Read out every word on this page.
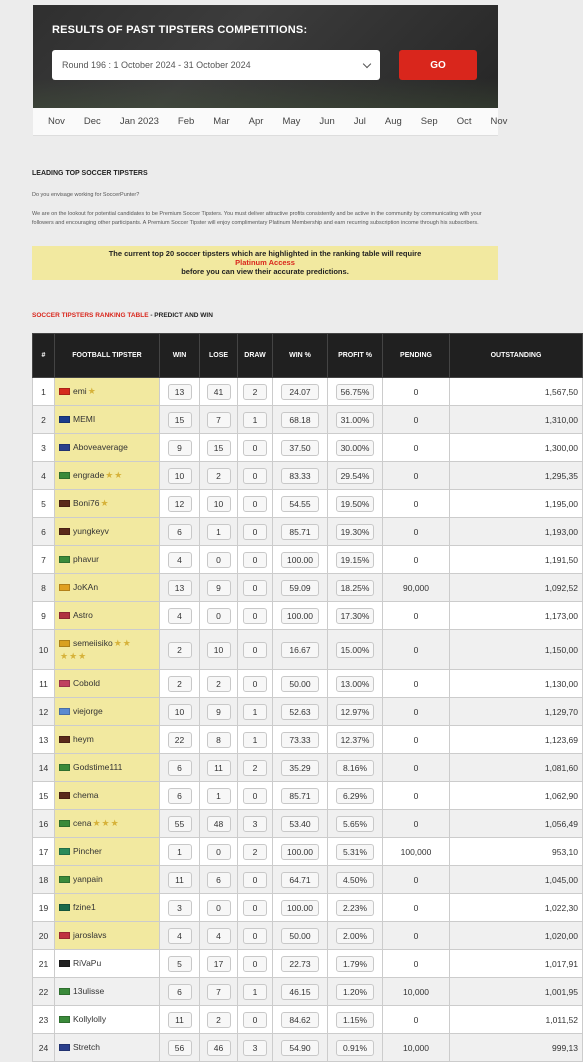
RESULTS OF PAST TIPSTERS COMPETITIONS:
Round 196 : 1 October 2024 - 31 October 2024	GO
Nov Dec Jan 2023 Feb Mar Apr May Jun Jul Aug Sep Oct Nov
LEADING TOP SOCCER TIPSTERS
Do you envisage working for SoccerPunter?
We are on the lookout for potential candidates to be Premium Soccer Tipsters. You must deliver attractive profits consistently and be active in the community by communicating with your followers and encouraging other participants. A Premium Soccer Tipster will enjoy complimentary Platinum Membership and earn recurring subscription income through his subscribers.
The current top 20 soccer tipsters which are highlighted in the ranking table will require
Platinum Access
before you can view their accurate predictions.
SOCCER TIPSTERS RANKING TABLE - PREDICT AND WIN
#	FOOTBALL TIPSTER	WIN	LOSE	DRAW	WIN %	PROFIT %	PENDING	OUTSTANDING
1	emi★	13	41	2	24.07	56.75%	0	1,567,50
2	MEMI	15	7	1	68.18	31.00%	0	1,310,00
3	Aboveaverage	9	15	0	37.50	30.00%	0	1,300,00
4	engrade★★	10	2	0	83.33	29.54%	0	1,295,35
5	Boni76★	12	10	0	54.55	19.50%	0	1,195,00
6	yungkeyv	6	1	0	85.71	19.30%	0	1,193,00
7	phavur	4	0	0	100.00	19.15%	0	1,191,50
8	JoKAn	13	9	0	59.09	18.25%	90,000	1,092,52
9	Astro	4	0	0	100.00	17.30%	0	1,173,00
10	semeiisiko★★
★★★	2	10	0	16.67	15.00%	0	1,150,00
11	Cobold	2	2	0	50.00	13.00%	0	1,130,00
12	viejorge	10	9	1	52.63	12.97%	0	1,129,70
13	heym	22	8	1	73.33	12.37%	0	1,123,69
14	Godstime111	6	11	2	35.29	8.16%	0	1,081,60
15	chema	6	1	0	85.71	6.29%	0	1,062,90
16	cena★★★	55	48	3	53.40	5.65%	0	1,056,49
17	Pincher	1	0	2	100.00	5.31%	100,000	953,10
18	yanpain	11	6	0	64.71	4.50%	0	1,045,00
19	fzine1	3	0	0	100.00	2.23%	0	1,022,30
20	jaroslavs	4	4	0	50.00	2.00%	0	1,020,00
21	RiVaPu	5	17	0	22.73	1.79%	0	1,017,91
22	13ulisse	6	7	1	46.15	1.20%	10,000	1,001,95
23	Kollylolly	11	2	0	84.62	1.15%	0	1,011,52
24	Stretch	56	46	3	54.90	0.91%	10,000	999,13
